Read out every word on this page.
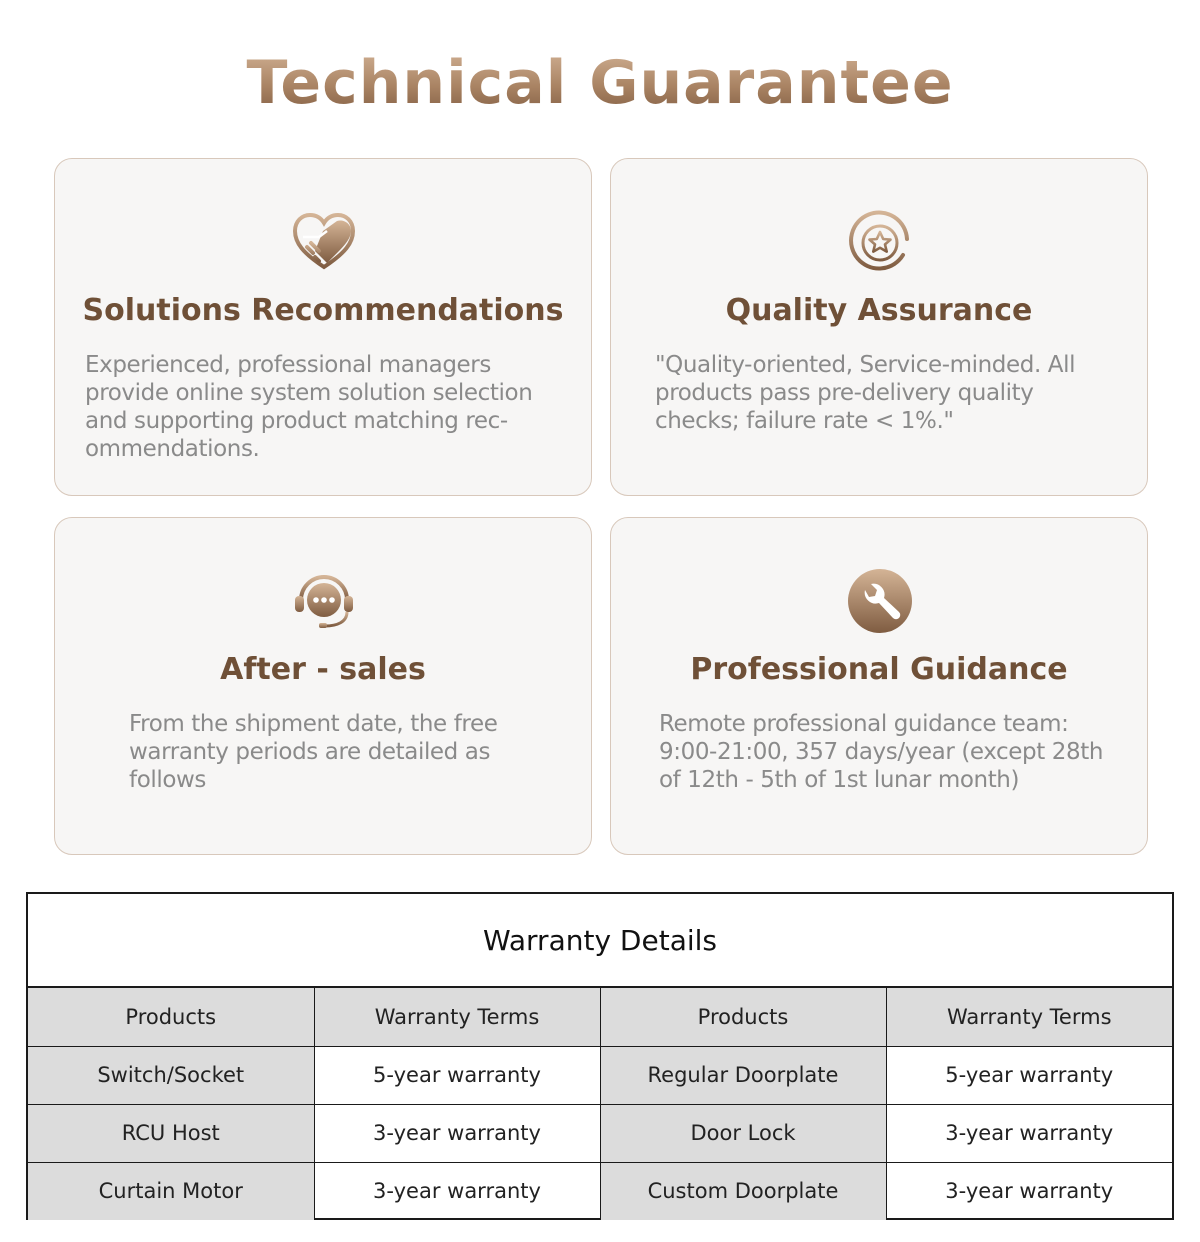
Technical Guarantee
Solutions Recommendations
Experienced, professional managers provide online system solution selection and supporting product matching rec-ommendations.
Quality Assurance
"Quality-oriented, Service-minded. All products pass pre-delivery quality checks; failure rate < 1%."
After - sales
From the shipment date, the free warranty periods are detailed as follows
Professional Guidance
Remote professional guidance team: 9:00-21:00, 357 days/year (except 28th of 12th - 5th of 1st lunar month)
Warranty Details
Products	Warranty Terms	Products	Warranty Terms
Switch/Socket	5-year warranty	Regular Doorplate	5-year warranty
RCU Host	3-year warranty	Door Lock	3-year warranty
Curtain Motor	3-year warranty	Custom Doorplate	3-year warranty
